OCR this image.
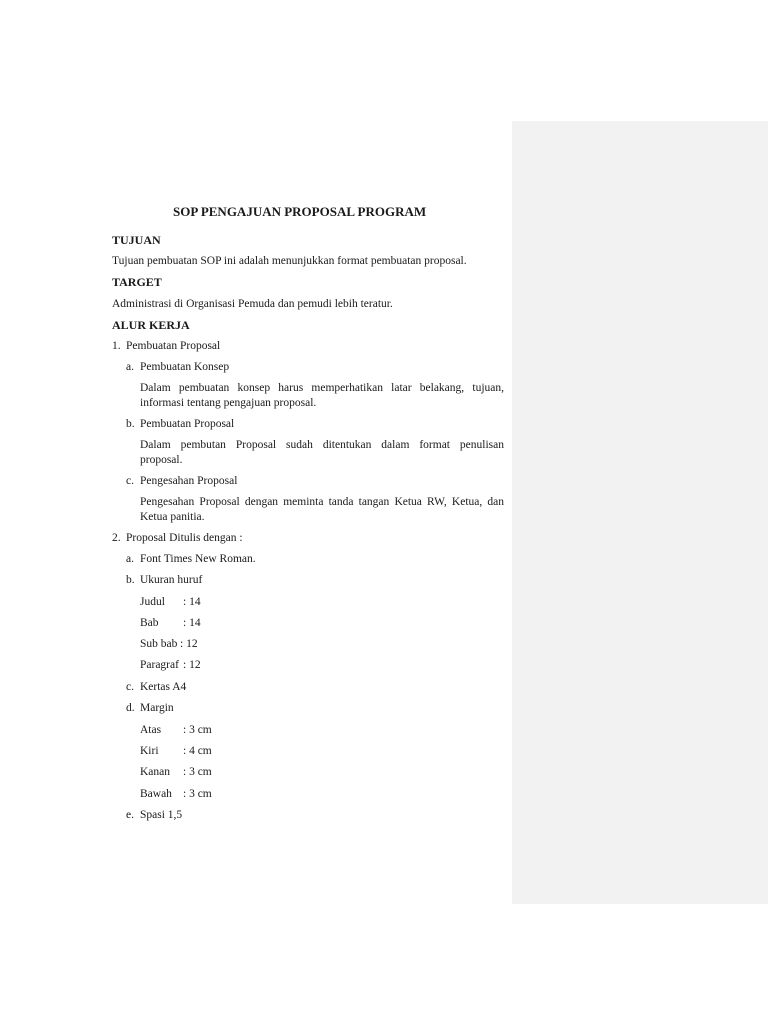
SOP PENGAJUAN PROPOSAL PROGRAM
TUJUAN
Tujuan pembuatan SOP ini adalah menunjukkan format pembuatan proposal.
TARGET
Administrasi di Organisasi Pemuda dan pemudi lebih teratur.
ALUR KERJA
1. Pembuatan Proposal
a. Pembuatan Konsep
Dalam pembuatan konsep harus memperhatikan latar belakang, tujuan,
informasi tentang pengajuan proposal.
b. Pembuatan Proposal
Dalam pembutan Proposal sudah ditentukan dalam format penulisan
proposal.
c. Pengesahan Proposal
Pengesahan Proposal dengan meminta tanda tangan Ketua RW, Ketua, dan
Ketua panitia.
2. Proposal Ditulis dengan :
a. Font Times New Roman.
b. Ukuran huruf
Judul : 14
Bab : 14
Sub bab : 12
Paragraf : 12
c. Kertas A4
d. Margin
Atas : 3 cm
Kiri : 4 cm
Kanan : 3 cm
Bawah : 3 cm
e. Spasi 1,5
